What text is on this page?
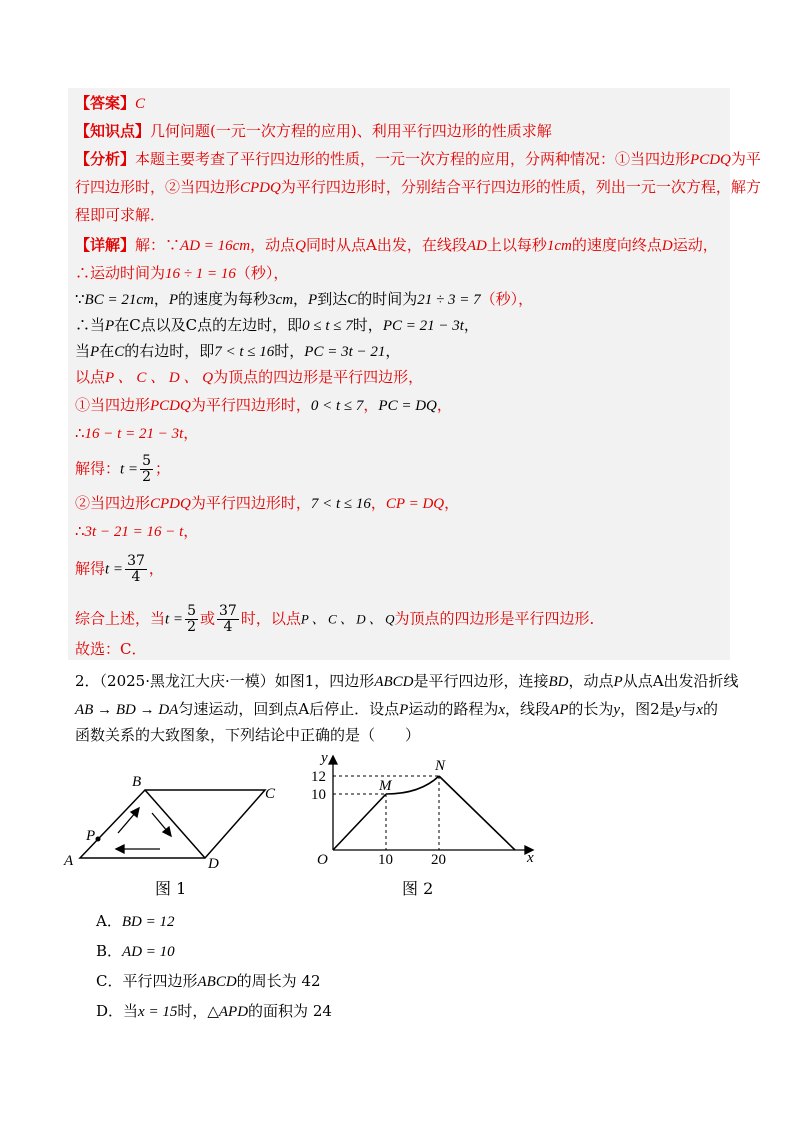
【答案】C
【知识点】几何问题(一元一次方程的应用)、利用平行四边形的性质求解
【分析】本题主要考查了平行四边形的性质，一元一次方程的应用，分两种情况：①当四边形PCDQ为平
行四边形时，②当四边形CPDQ为平行四边形时，分别结合平行四边形的性质，列出一元一次方程，解方
程即可求解．
【详解】解：∵AD = 16cm，动点Q同时从点A出发，在线段AD上以每秒1cm的速度向终点D运动，
∴运动时间为16 ÷ 1 = 16（秒），
∵BC = 21cm，P的速度为每秒3cm，P到达C的时间为21 ÷ 3 = 7（秒），
∴当P在C点以及C点的左边时，即0 ≤ t ≤ 7时，PC = 21 − 3t，
当P在C的右边时，即7 < t ≤ 16时，PC = 3t − 21，
以点P 、 C 、 D 、 Q为顶点的四边形是平行四边形，
①当四边形PCDQ为平行四边形时，0 < t ≤ 7，PC = DQ，
∴16 − t = 21 − 3t，
解得：$t = \frac{5}{2}$ ；
②当四边形CPDQ为平行四边形时，7 < t ≤ 16，CP = DQ，
∴3t − 21 = 16 − t，
解得$t = \frac{37}{4}$ ，
综合上述，当$t = \frac{5}{2}$ 或 $\frac{37}{4}$ 时，以点P 、 C 、 D 、 Q为顶点的四边形是平行四边形．
故选：C．
2．（2025·黑龙江大庆·一模）如图1，四边形ABCD是平行四边形，连接BD，动点P从点A出发沿折线
AB → BD → DA匀速运动，回到点A后停止．设点P运动的路程为x，线段AP的长为y，图2是y与x的
函数关系的大致图象，下列结论中正确的是（　　）
A
B
C
D
P
图 1
y
x
O
M
N
12
10
10	20
图 2
A．BD = 12
B．AD = 10
C．平行四边形ABCD的周长为 42
D．当x = 15时，△APD的面积为 24
